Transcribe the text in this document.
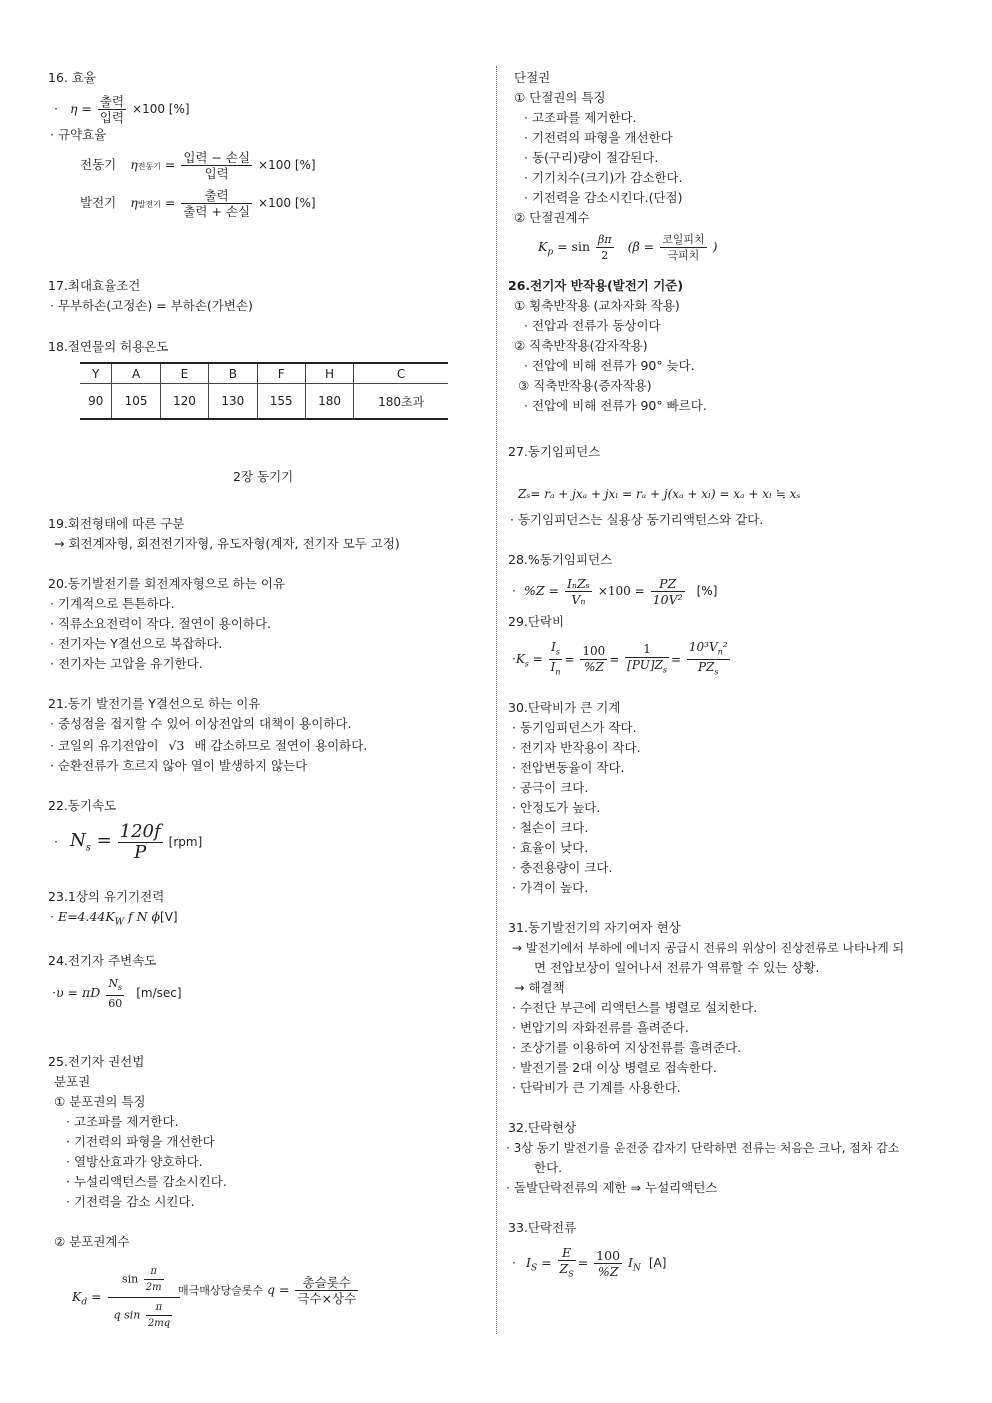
16. 효율
· $\eta = \frac{\text{출력}}{\text{입력}} \times 100$ [%]
· 규약효율
전동기 η전동기 = $\frac{\text{입력 − 손실}}{\text{입력}} \times 100$ [%]
발전기 η발전기 = $\frac{\text{출력}}{\text{출력 + 손실}} \times 100$ [%]
17.최대효율조건
· 무부하손(고정손) = 부하손(가변손)
18.절연물의 허용온도
Y	A	E	B	F	H	C
90	105	120	130	155	180	180초과
2장 동기기
19.회전형태에 따른 구분
→ 회전계자형, 회전전기자형, 유도자형(계자, 전기자 모두 고정)
20.동기발전기를 회전계자형으로 하는 이유
· 기계적으로 튼튼하다.
· 직류소요전력이 작다. 절연이 용이하다.
· 전기자는 Y결선으로 복잡하다.
· 전기자는 고압을 유기한다.
21.동기 발전기를 Y결선으로 하는 이유
· 중성점을 접지할 수 있어 이상전압의 대책이 용이하다.
· 코일의 유기전압이 √3 배 감소하므로 절연이 용이하다.
· 순환전류가 흐르지 않아 열이 발생하지 않는다
22.동기속도
· $N_s = \frac{120f}{P} [rpm]$
23.1상의 유기기전력
· $E=4.44K_W$ f N ϕ[V]
24.전기자 주변속도
·υ = πD $\frac{N_s}{60} [m/\sec]$
25.전기자 권선법
분포권
① 분포권의 특징
· 고조파를 제거한다.
· 기전력의 파형을 개선한다
· 열방산효과가 양호하다.
· 누설리액턴스를 감소시킨다.
· 기전력을 감소 시킨다.
② 분포권계수
$K_d = \frac{\sin \frac{\pi}{2m}}{q \sin \frac{\pi}{2mq}}$
매극매상당슬롯수 $q = \frac{\text{총슬롯수}}{\text{극수×상수}}$
단절권
① 단절권의 특징
· 고조파를 제거한다.
· 기전력의 파형을 개선한다
· 동(구리)량이 절감된다.
· 기기치수(크기)가 감소한다.
· 기전력을 감소시킨다.(단점)
② 단절권계수
$K_p = \sin \frac{\beta\pi}{2} (\beta = \frac{\text{코일피치}}{\text{극피치}}$ )
26.전기자 반작용(발전기 기준)
① 횡축반작용 (교차자화 작용)
· 전압과 전류가 동상이다
② 직축반작용(감자작용)
· 전압에 비해 전류가 90° 늦다.
③ 직축반작용(증자작용)
· 전압에 비해 전류가 90° 빠르다.
27.동기임피던스
Zₛ= rₐ + jxₐ + jxₗ = rₐ + j(xₐ + xₗ) = xₐ + xₗ ≒ xₛ
· 동기임피던스는 실용상 동기리액턴스와 같다.
28.%동기임피던스
· $\%Z = \frac{\text{IₙZₛ}}{\text{Vₙ}} \times 100 = \frac{PZ}{\text{10V²}}$ [%]
29.단락비
$\cdot K_s = \frac{I_s}{I_n} = \frac{100}{\%Z} = \frac{1}{[PU]Z_s} = \frac{10^3V_n^2}{PZ_s}$
30.단락비가 큰 기계
· 동기임피던스가 작다.
· 전기자 반작용이 작다.
· 전압변동율이 작다.
· 공극이 크다.
· 안정도가 높다.
· 철손이 크다.
· 효율이 낮다.
· 충전용량이 크다.
· 가격이 높다.
31.동기발전기의 자기여자 현상
→ 발전기에서 부하에 에너지 공급시 전류의 위상이 진상전류로 나타나게 되
면 전압보상이 일어나서 전류가 역류할 수 있는 상황.
→ 해결책
· 수전단 부근에 리액턴스를 병렬로 설치한다.
· 변압기의 자화전류를 흘려준다.
· 조상기를 이용하여 지상전류를 흘려준다.
· 발전기를 2대 이상 병렬로 접속한다.
· 단락비가 큰 기계를 사용한다.
32.단락현상
· 3상 동기 발전기를 운전중 갑자기 단락하면 전류는 처음은 크나, 점차 감소
한다.
· 돌발단락전류의 제한 ⇒ 누설리액턴스
33.단락전류
· $I_S = \frac{E}{Z_S} = \frac{100}{\%Z} I_N$ [A]
